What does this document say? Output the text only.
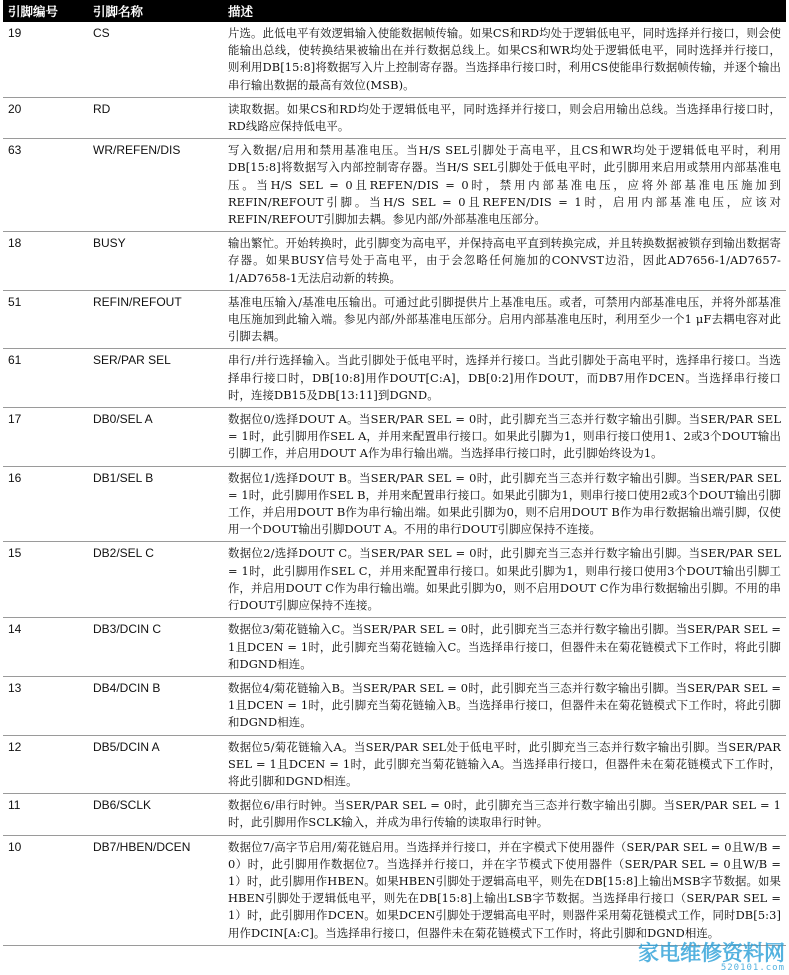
引脚编号	引脚名称	描述
19	CS	片选。此低电平有效逻辑输入使能数据帧传输。如果CS和RD均处于逻辑低电平，同时选择并行接口，则会使能输出总线，使转换结果被输出在并行数据总线上。如果CS和WR均处于逻辑低电平，同时选择并行接口，则利用DB[15:8]将数据写入片上控制寄存器。当选择串行接口时，利用CS使能串行数据帧传输，并逐个输出串行输出数据的最高有效位(MSB)。
20	RD	读取数据。如果CS和RD均处于逻辑低电平，同时选择并行接口，则会启用输出总线。当选择串行接口时，RD线路应保持低电平。
63	WR/REFEN/DIS	写入数据/启用和禁用基准电压。当H/S SEL引脚处于高电平，且CS和WR均处于逻辑低电平时，利用DB[15:8]将数据写入内部控制寄存器。当H/S SEL引脚处于低电平时，此引脚用来启用或禁用内部基准电压。当H/S SEL = 0且REFEN/DIS = 0时，禁用内部基准电压，应将外部基准电压施加到REFIN/REFOUT引脚。当H/S SEL = 0且REFEN/DIS = 1时，启用内部基准电压，应该对REFIN/REFOUT引脚加去耦。参见内部/外部基准电压部分。
18	BUSY	输出繁忙。开始转换时，此引脚变为高电平，并保持高电平直到转换完成，并且转换数据被锁存到输出数据寄存器。如果BUSY信号处于高电平，由于会忽略任何施加的CONVST边沿，因此AD7656-1/AD7657-1/AD7658-1无法启动新的转换。
51	REFIN/REFOUT	基准电压输入/基准电压输出。可通过此引脚提供片上基准电压。或者，可禁用内部基准电压，并将外部基准电压施加到此输入端。参见内部/外部基准电压部分。启用内部基准电压时，利用至少一个1 μF去耦电容对此引脚去耦。
61	SER/PAR SEL	串行/并行选择输入。当此引脚处于低电平时，选择并行接口。当此引脚处于高电平时，选择串行接口。当选择串行接口时，DB[10:8]用作DOUT[C:A]，DB[0:2]用作DOUT，而DB7用作DCEN。当选择串行接口时，连接DB15及DB[13:11]到DGND。
17	DB0/SEL A	数据位0/选择DOUT A。当SER/PAR SEL = 0时，此引脚充当三态并行数字输出引脚。当SER/PAR SEL = 1时，此引脚用作SEL A，并用来配置串行接口。如果此引脚为1，则串行接口使用1、2或3个DOUT输出引脚工作，并启用DOUT A作为串行输出端。当选择串行接口时，此引脚始终设为1。
16	DB1/SEL B	数据位1/选择DOUT B。当SER/PAR SEL = 0时，此引脚充当三态并行数字输出引脚。当SER/PAR SEL = 1时，此引脚用作SEL B，并用来配置串行接口。如果此引脚为1，则串行接口使用2或3个DOUT输出引脚工作，并启用DOUT B作为串行输出端。如果此引脚为0，则不启用DOUT B作为串行数据输出端引脚，仅使用一个DOUT输出引脚DOUT A。不用的串行DOUT引脚应保持不连接。
15	DB2/SEL C	数据位2/选择DOUT C。当SER/PAR SEL = 0时，此引脚充当三态并行数字输出引脚。当SER/PAR SEL = 1时，此引脚用作SEL C，并用来配置串行接口。如果此引脚为1，则串行接口使用3个DOUT输出引脚工作，并启用DOUT C作为串行输出端。如果此引脚为0，则不启用DOUT C作为串行数据输出引脚。不用的串行DOUT引脚应保持不连接。
14	DB3/DCIN C	数据位3/菊花链输入C。当SER/PAR SEL = 0时，此引脚充当三态并行数字输出引脚。当SER/PAR SEL = 1且DCEN = 1时，此引脚充当菊花链输入C。当选择串行接口，但器件未在菊花链模式下工作时，将此引脚和DGND相连。
13	DB4/DCIN B	数据位4/菊花链输入B。当SER/PAR SEL = 0时，此引脚充当三态并行数字输出引脚。当SER/PAR SEL = 1且DCEN = 1时，此引脚充当菊花链输入B。当选择串行接口，但器件未在菊花链模式下工作时，将此引脚和DGND相连。
12	DB5/DCIN A	数据位5/菊花链输入A。当SER/PAR SEL处于低电平时，此引脚充当三态并行数字输出引脚。当SER/PAR SEL = 1且DCEN = 1时，此引脚充当菊花链输入A。当选择串行接口，但器件未在菊花链模式下工作时，将此引脚和DGND相连。
11	DB6/SCLK	数据位6/串行时钟。当SER/PAR SEL = 0时，此引脚充当三态并行数字输出引脚。当SER/PAR SEL = 1时，此引脚用作SCLK输入，并成为串行传输的读取串行时钟。
10	DB7/HBEN/DCEN	数据位7/高字节启用/菊花链启用。当选择并行接口，并在字模式下使用器件（SER/PAR SEL = 0且W/B = 0）时，此引脚用作数据位7。当选择并行接口，并在字节模式下使用器件（SER/PAR SEL = 0且W/B = 1）时，此引脚用作HBEN。如果HBEN引脚处于逻辑高电平，则先在DB[15:8]上输出MSB字节数据。如果HBEN引脚处于逻辑低电平，则先在DB[15:8]上输出LSB字节数据。当选择串行接口（SER/PAR SEL = 1）时，此引脚用作DCEN。如果DCEN引脚处于逻辑高电平时，则器件采用菊花链模式工作，同时DB[5:3]用作DCIN[A:C]。当选择串行接口，但器件未在菊花链模式下工作时，将此引脚和DGND相连。
家电维修资料网
520101.com
